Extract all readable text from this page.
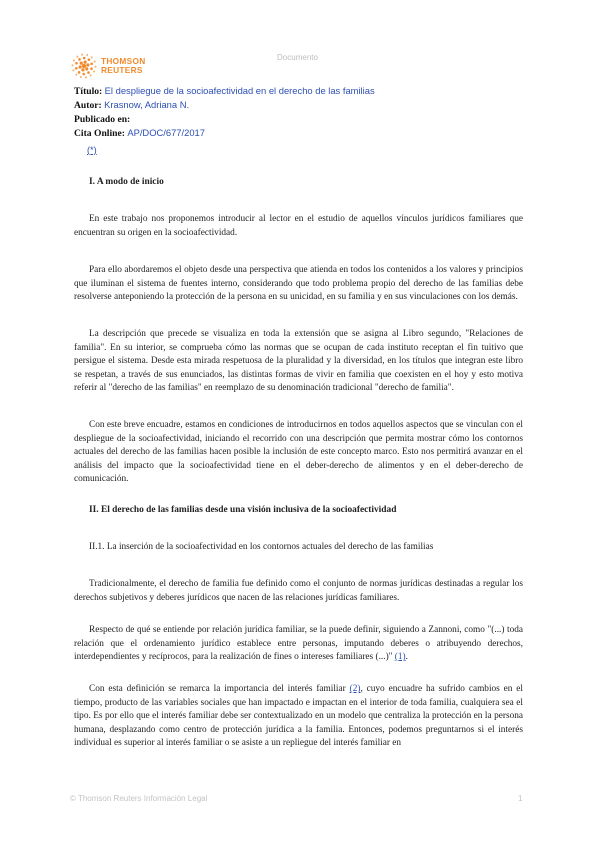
Documento
THOMSON
REUTERS
Título: El despliegue de la socioafectividad en el derecho de las familias
Autor: Krasnow, Adriana N.
Publicado en:
Cita Online: AP/DOC/677/2017
(*)
I. A modo de inicio

En este trabajo nos proponemos introducir al lector en el estudio de aquellos vínculos jurídicos familiares que encuentran su origen en la socioafectividad.

Para ello abordaremos el objeto desde una perspectiva que atienda en todos los contenidos a los valores y principios que iluminan el sistema de fuentes interno, considerando que todo problema propio del derecho de las familias debe resolverse anteponiendo la protección de la persona en su unicidad, en su familia y en sus vinculaciones con los demás.

La descripción que precede se visualiza en toda la extensión que se asigna al Libro segundo, "Relaciones de familia". En su interior, se comprueba cómo las normas que se ocupan de cada instituto receptan el fin tuitivo que persigue el sistema. Desde esta mirada respetuosa de la pluralidad y la diversidad, en los títulos que integran este libro se respetan, a través de sus enunciados, las distintas formas de vivir en familia que coexisten en el hoy y esto motiva referir al "derecho de las familias" en reemplazo de su denominación tradicional "derecho de familia".

Con este breve encuadre, estamos en condiciones de introducirnos en todos aquellos aspectos que se vinculan con el despliegue de la socioafectividad, iniciando el recorrido con una descripción que permita mostrar cómo los contornos actuales del derecho de las familias hacen posible la inclusión de este concepto marco. Esto nos permitirá avanzar en el análisis del impacto que la socioafectividad tiene en el deber-derecho de alimentos y en el deber-derecho de comunicación.

II. El derecho de las familias desde una visión inclusiva de la socioafectividad
II.1. La inserción de la socioafectividad en los contornos actuales del derecho de las familias

Tradicionalmente, el derecho de familia fue definido como el conjunto de normas jurídicas destinadas a regular los derechos subjetivos y deberes jurídicos que nacen de las relaciones jurídicas familiares.

Respecto de qué se entiende por relación jurídica familiar, se la puede definir, siguiendo a Zannoni, como "(...) toda relación que el ordenamiento jurídico establece entre personas, imputando deberes o atribuyendo derechos, interdependientes y recíprocos, para la realización de fines o intereses familiares (...)" (1).

Con esta definición se remarca la importancia del interés familiar (2), cuyo encuadre ha sufrido cambios en el tiempo, producto de las variables sociales que han impactado e impactan en el interior de toda familia, cualquiera sea el tipo. Es por ello que el interés familiar debe ser contextualizado en un modelo que centraliza la protección en la persona humana, desplazando como centro de protección jurídica a la familia. Entonces, podemos preguntarnos si el interés individual es superior al interés familiar o se asiste a un repliegue del interés familiar en

© Thomson Reuters Información Legal	1
